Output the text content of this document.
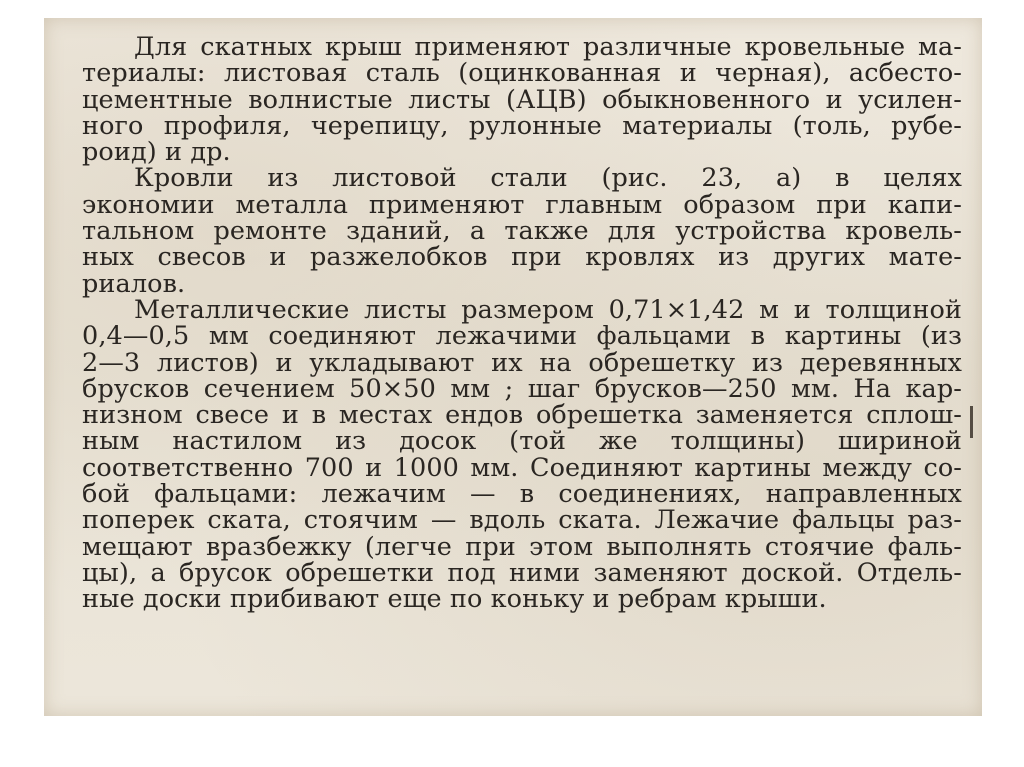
Для скатных крыш применяют различные кровельные ма-
териалы: листовая сталь (оцинкованная и черная), асбесто-
цементные волнистые листы (АЦВ) обыкновенного и усилен-
ного профиля, черепицу, рулонные материалы (толь, рубе-
роид) и др.
Кровли из листовой стали (рис. 23, а) в целях
экономии металла применяют главным образом при капи-
тальном ремонте зданий, а также для устройства кровель-
ных свесов и разжелобков при кровлях из других мате-
риалов.
Металлические листы размером 0,71×1,42 м и толщиной
0,4—0,5 мм соединяют лежачими фальцами в картины (из
2—3 листов) и укладывают их на обрешетку из деревянных
брусков сечением 50×50 мм ; шаг брусков—250 мм. На кар-
низном свесе и в местах ендов обрешетка заменяется сплош-
ным настилом из досок (той же толщины) шириной
соответственно 700 и 1000 мм. Соединяют картины между со-
бой фальцами: лежачим — в соединениях, направленных
поперек ската, стоячим — вдоль ската. Лежачие фальцы раз-
мещают вразбежку (легче при этом выполнять стоячие фаль-
цы), а брусок обрешетки под ними заменяют доской. Отдель-
ные доски прибивают еще по коньку и ребрам крыши.
